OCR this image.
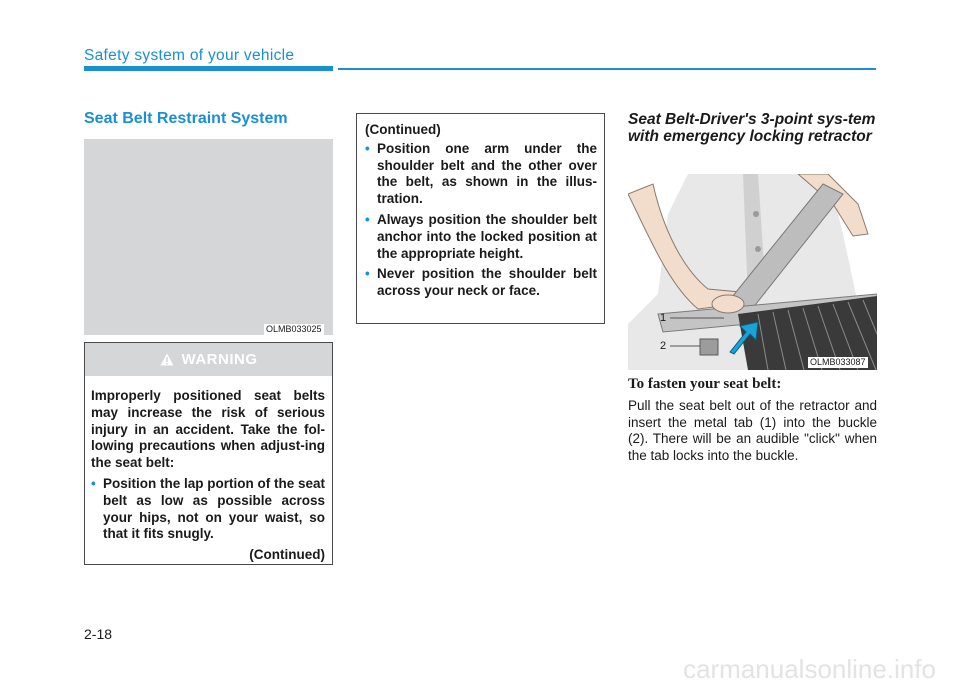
Safety system of your vehicle
Seat Belt Restraint System
OLMB033025
WARNING
Improperly positioned seat belts may increase the risk of serious injury in an accident. Take the fol-lowing precautions when adjust-ing the seat belt:
• Position the lap portion of the seat belt as low as possible across your hips, not on your waist, so that it fits snugly.
(Continued)
(Continued)
• Position one arm under the shoulder belt and the other over the belt, as shown in the illus-tration.
• Always position the shoulder belt anchor into the locked position at the appropriate height.
• Never position the shoulder belt across your neck or face.
Seat Belt-Driver's 3-point sys-tem with emergency locking retractor
OLMB033087
1
2
To fasten your seat belt:
Pull the seat belt out of the retractor and insert the metal tab (1) into the buckle (2). There will be an audible "click" when the tab locks into the buckle.
2-18
carmanualsonline.info
